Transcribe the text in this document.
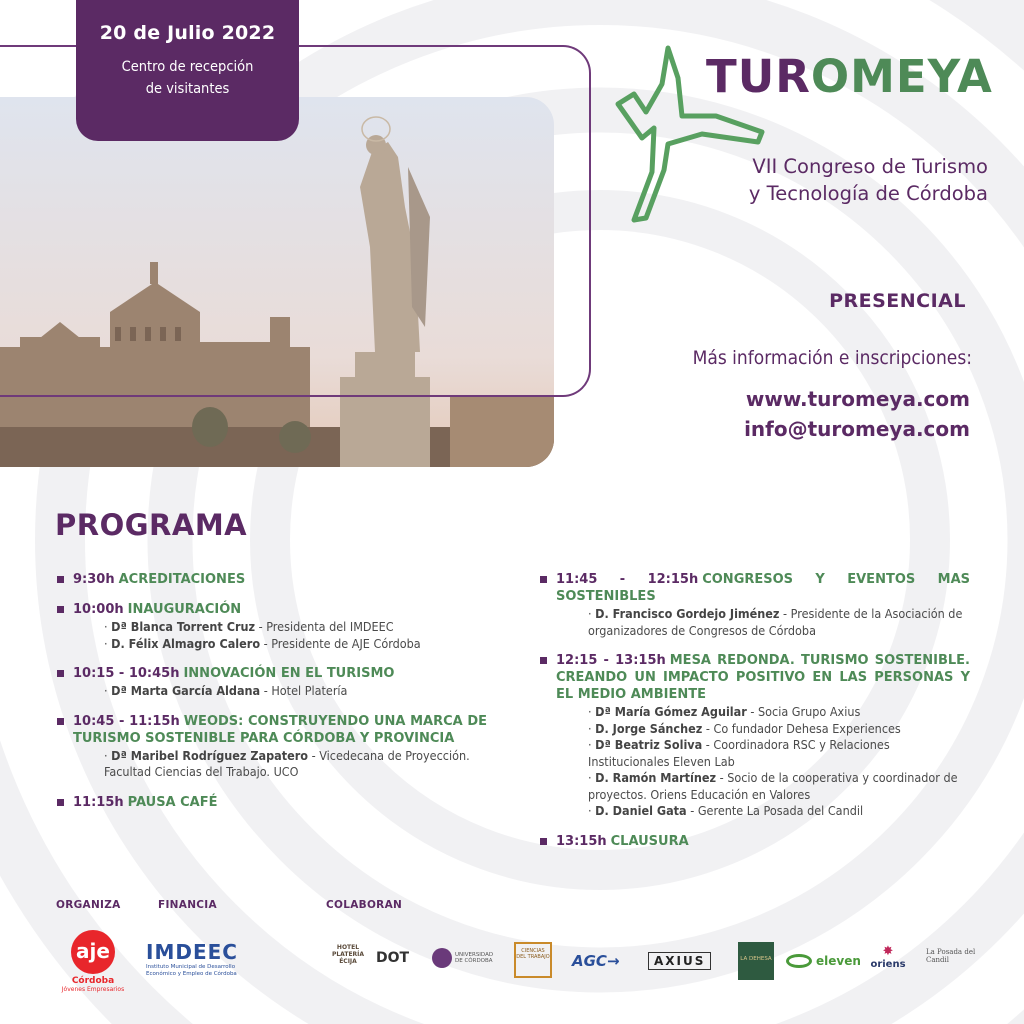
20 de Julio 2022
Centro de recepción
de visitantes	TUROMEYA
VII Congreso de Turismo
y Tecnología de Córdoba
PRESENCIAL
Más información e inscripciones:
www.turomeya.com
info@turomeya.com
PROGRAMA
9:30h ACREDITACIONES
10:00h INAUGURACIÓN
· Dª Blanca Torrent Cruz - Presidenta del IMDEEC
· D. Félix Almagro Calero - Presidente de AJE Córdoba
10:15 - 10:45h INNOVACIÓN EN EL TURISMO
· Dª Marta García Aldana - Hotel Platería
10:45 - 11:15h WEODS: CONSTRUYENDO UNA MARCA DE TURISMO SOSTENIBLE PARA CÓRDOBA Y PROVINCIA
· Dª Maribel Rodríguez Zapatero - Vicedecana de Proyección. Facultad Ciencias del Trabajo. UCO
11:15h PAUSA CAFÉ
11:45 - 12:15h CONGRESOS Y EVENTOS MAS SOSTENIBLES
· D. Francisco Gordejo Jiménez - Presidente de la Asociación de organizadores de Congresos de Córdoba
12:15 - 13:15h MESA REDONDA. TURISMO SOSTENIBLE. CREANDO UN IMPACTO POSITIVO EN LAS PERSONAS Y EL MEDIO AMBIENTE
· Dª María Gómez Aguilar - Socia Grupo Axius
· D. Jorge Sánchez - Co fundador Dehesa Experiences
· Dª Beatriz Soliva - Coordinadora RSC y Relaciones Institucionales Eleven Lab
· D. Ramón Martínez - Socio de la cooperativa y coordinador de proyectos. Oriens Educación en Valores
· D. Daniel Gata - Gerente La Posada del Candil
13:15h CLAUSURA
ORGANIZA	FINANCIA	COLABORAN
aje
Córdoba
Jóvenes Empresarios
IMDEEC
Instituto Municipal de Desarrollo
Económico y Empleo de Córdoba
HOTEL PLATERÍA ÉCIJA	DOT	UNIVERSIDAD DE CÓRDOBA
CIENCIAS DEL TRABAJO AGC→	AXIUS	LA DEHESA	eleven
✸
oriens
La Posada del Candil
